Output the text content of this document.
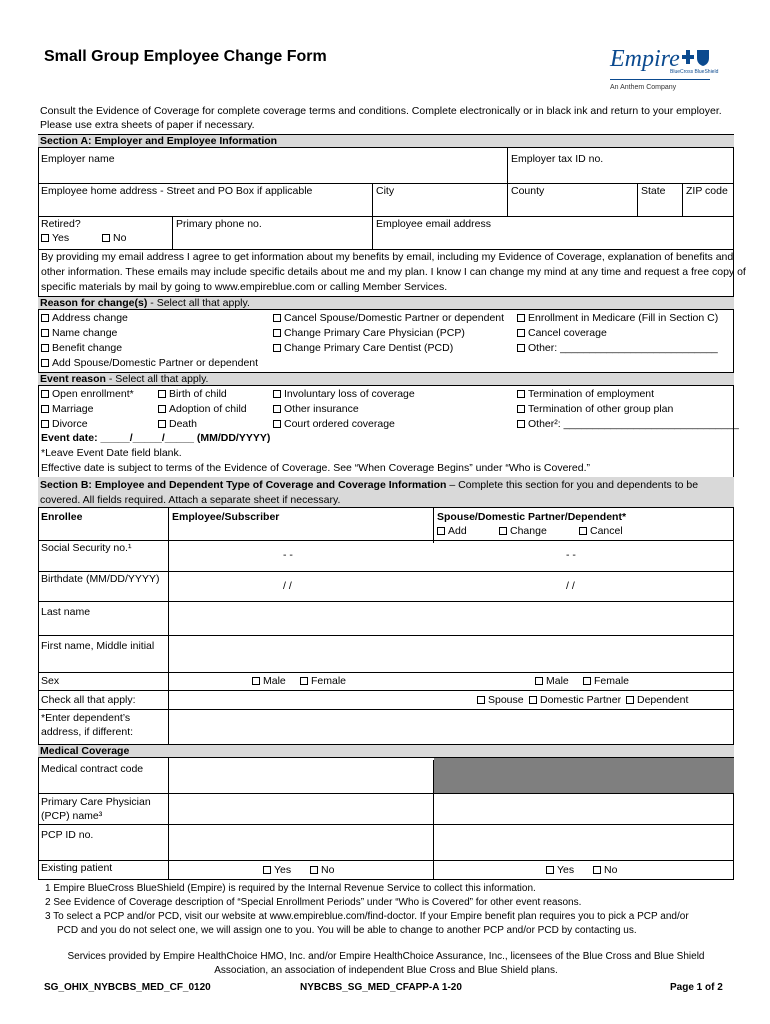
Small Group Employee Change Form	Empire
BlueCross BlueShield
An Anthem Company
Consult the Evidence of Coverage for complete coverage terms and conditions. Complete electronically or in black ink and return to your employer.
Please use extra sheets of paper if necessary.
Section A: Employer and Employee Information
Employer name	Employer tax ID no.
Employee home address - Street and PO Box if applicable	City	County	State ZIP code
Retired?
Yes	No
Primary phone no.	Employee email address
By providing my email address I agree to get information about my benefits by email, including my Evidence of Coverage, explanation of benefits and
other information. These emails may include specific details about me and my plan. I know I can change my mind at any time and request a free copy of
specific materials by mail by going to www.empireblue.com or calling Member Services.
Reason for change(s) - Select all that apply.
Address change
Name change
Benefit change
Add Spouse/Domestic Partner or dependent
Cancel Spouse/Domestic Partner or dependent
Change Primary Care Physician (PCP)
Change Primary Care Dentist (PCD)
Enrollment in Medicare (Fill in Section C)
Cancel coverage
Other: ___________________________
Event reason - Select all that apply.
Open enrollment*
Marriage
Divorce
Birth of child
Adoption of child
Death
Involuntary loss of coverage
Other insurance
Court ordered coverage
Termination of employment
Termination of other group plan
Other²: ______________________________
Event date: _____/_____/_____ (MM/DD/YYYY)
*Leave Event Date field blank.
Effective date is subject to terms of the Evidence of Coverage. See “When Coverage Begins” under “Who is Covered.”
Section B: Employee and Dependent Type of Coverage and Coverage Information – Complete this section for you and dependents to be
covered. All fields required. Attach a separate sheet if necessary.
Enrollee	Employee/Subscriber	Spouse/Domestic Partner/Dependent*
Add	Change	Cancel
Social Security no.¹
- -	- -
Birthdate (MM/DD/YYYY)
/ /	/ /
Last name
First name, Middle initial
Sex	Male	Female	Male	Female
Check all that apply:	Spouse	Domestic Partner	Dependent
*Enter dependent’s
address, if different:
Medical Coverage
Medical contract code
Primary Care Physician
(PCP) name³
PCP ID no.
Existing patient	Yes	No	Yes	No
1 Empire BlueCross BlueShield (Empire) is required by the Internal Revenue Service to collect this information.
2 See Evidence of Coverage description of “Special Enrollment Periods” under “Who is Covered” for other event reasons.
3 To select a PCP and/or PCD, visit our website at www.empireblue.com/find-doctor. If your Empire benefit plan requires you to pick a PCP and/or
PCD and you do not select one, we will assign one to you. You will be able to change to another PCP and/or PCD by contacting us.
Services provided by Empire HealthChoice HMO, Inc. and/or Empire HealthChoice Assurance, Inc., licensees of the Blue Cross and Blue Shield
Association, an association of independent Blue Cross and Blue Shield plans.
SG_OHIX_NYBCBS_MED_CF_0120	NYBCBS_SG_MED_CFAPP-A 1-20	Page 1 of 2
